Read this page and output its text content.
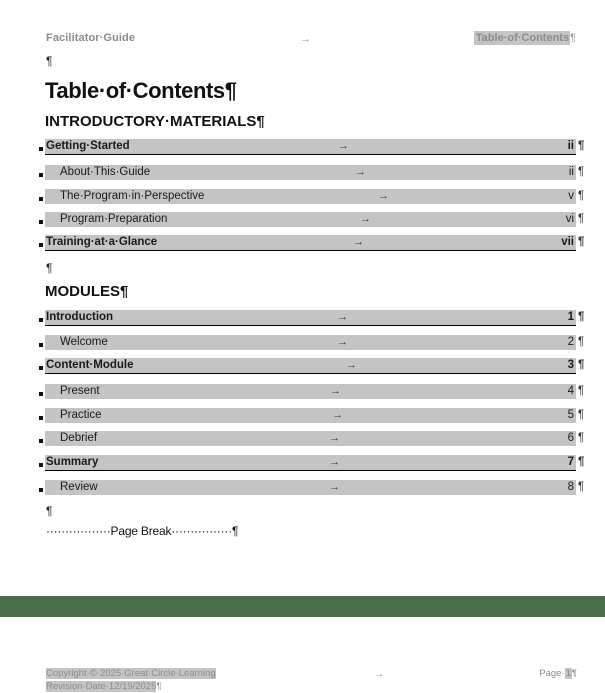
Facilitator·Guide	→	Table·of·Contents¶
¶
Table·of·Contents¶
INTRODUCTORY·MATERIALS¶
Getting·Started	→	ii ¶
About·This·Guide	→	ii ¶
The·Program·in·Perspective	→	v ¶
Program·Preparation	→	vi ¶
Training·at·a·Glance	→	vii ¶
¶
MODULES¶
Introduction	→	1 ¶
Welcome	→	2 ¶
Content·Module	→	3 ¶
Present	→	4 ¶
Practice	→	5 ¶
Debrief	→	6 ¶
Summary	→	7 ¶
Review	→	8 ¶
¶
·················Page Break················¶
Copyright·©·2025·Great·Circle·Learning
Revision·Date·12/19/2025¶
→	Page·1¶
